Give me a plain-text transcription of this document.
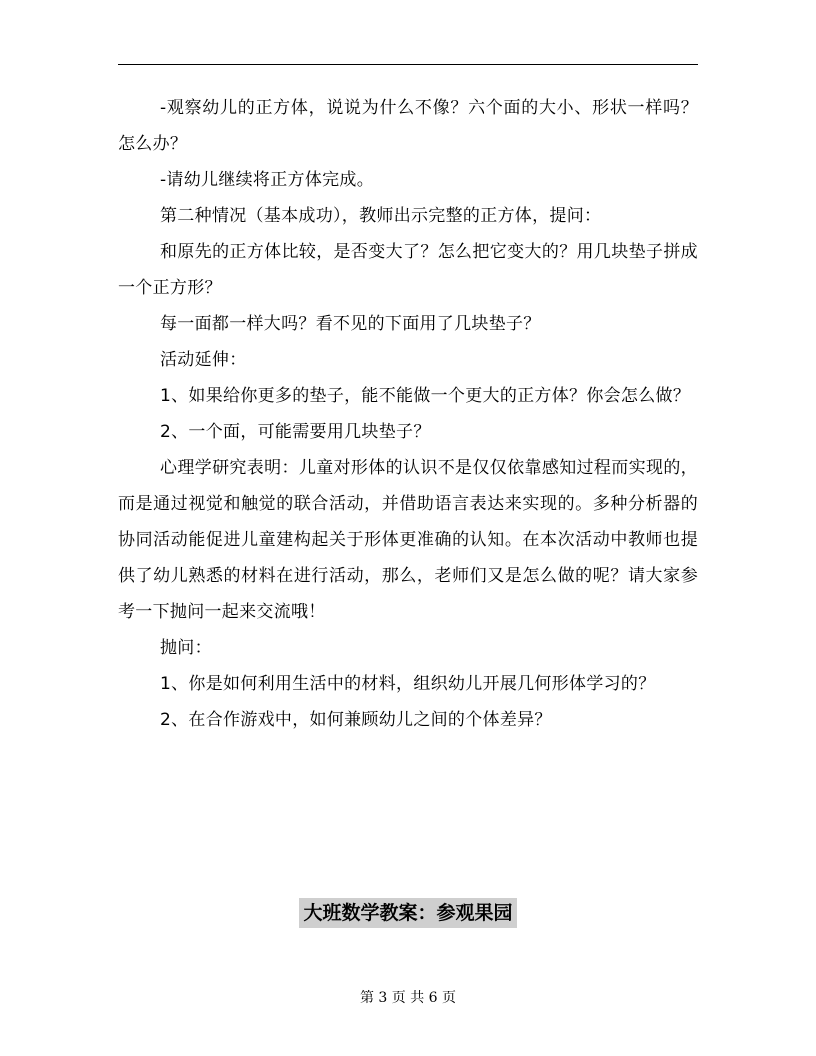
-观察幼儿的正方体，说说为什么不像？六个面的大小、形状一样吗？怎么办？

-请幼儿继续将正方体完成。

第二种情况（基本成功），教师出示完整的正方体，提问：

和原先的正方体比较，是否变大了？怎么把它变大的？用几块垫子拼成一个正方形？

每一面都一样大吗？看不见的下面用了几块垫子？

活动延伸：

1、如果给你更多的垫子，能不能做一个更大的正方体？你会怎么做？

2、一个面，可能需要用几块垫子？

心理学研究表明：儿童对形体的认识不是仅仅依靠感知过程而实现的，而是通过视觉和触觉的联合活动，并借助语言表达来实现的。多种分析器的协同活动能促进儿童建构起关于形体更准确的认知。在本次活动中教师也提供了幼儿熟悉的材料在进行活动，那么，老师们又是怎么做的呢？请大家参考一下抛问一起来交流哦！

抛问：

1、你是如何利用生活中的材料，组织幼儿开展几何形体学习的？

2、在合作游戏中，如何兼顾幼儿之间的个体差异？

大班数学教案：参观果园
第 3 页 共 6 页
